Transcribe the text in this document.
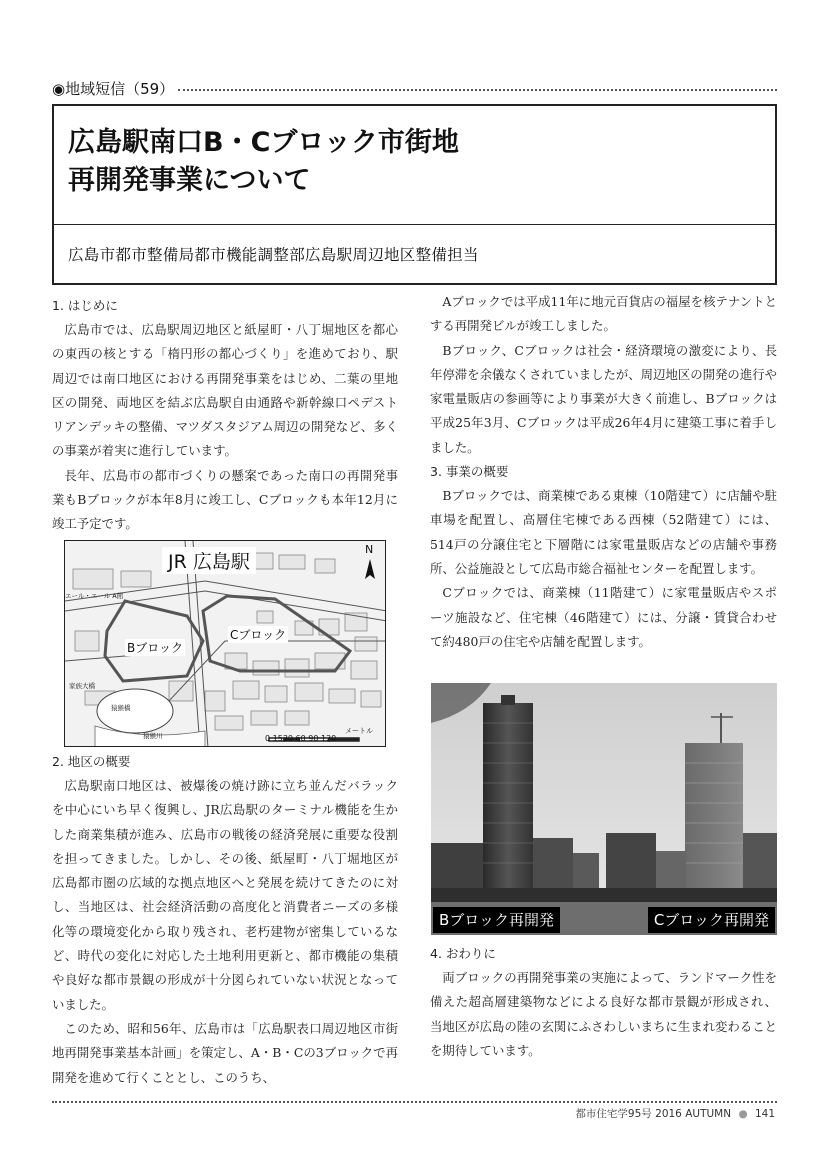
◉地域短信（59）
広島駅南口B・Cブロック市街地
再開発事業について
広島市都市整備局都市機能調整部広島駅周辺地区整備担当
1. はじめに

広島市では、広島駅周辺地区と紙屋町・八丁堀地区を都心の東西の核とする「楕円形の都心づくり」を進めており、駅周辺では南口地区における再開発事業をはじめ、二葉の里地区の開発、両地区を結ぶ広島駅自由通路や新幹線口ペデストリアンデッキの整備、マツダスタジアム周辺の開発など、多くの事業が着実に進行しています。

長年、広島市の都市づくりの懸案であった南口の再開発事業もBブロックが本年8月に竣工し、Cブロックも本年12月に竣工予定です。

JR 広島駅
Bブロック
Cブロック
N
エール・エール A館
家族大橋
猿猴橋
猿猴川	0 1530 60 90 120
メートル
2. 地区の概要

広島駅南口地区は、被爆後の焼け跡に立ち並んだバラックを中心にいち早く復興し、JR広島駅のターミナル機能を生かした商業集積が進み、広島市の戦後の経済発展に重要な役割を担ってきました。しかし、その後、紙屋町・八丁堀地区が広島都市圏の広域的な拠点地区へと発展を続けてきたのに対し、当地区は、社会経済活動の高度化と消費者ニーズの多様化等の環境変化から取り残され、老朽建物が密集しているなど、時代の変化に対応した土地利用更新と、都市機能の集積や良好な都市景観の形成が十分図られていない状況となっていました。

このため、昭和56年、広島市は「広島駅表口周辺地区市街地再開発事業基本計画」を策定し、A・B・Cの3ブロックで再開発を進めて行くこととし、このうち、

Aブロックでは平成11年に地元百貨店の福屋を核テナントとする再開発ビルが竣工しました。

Bブロック、Cブロックは社会・経済環境の激変により、長年停滞を余儀なくされていましたが、周辺地区の開発の進行や家電量販店の参画等により事業が大きく前進し、Bブロックは平成25年3月、Cブロックは平成26年4月に建築工事に着手しました。

3. 事業の概要

Bブロックでは、商業棟である東棟（10階建て）に店舗や駐車場を配置し、高層住宅棟である西棟（52階建て）には、514戸の分譲住宅と下層階には家電量販店などの店舗や事務所、公益施設として広島市総合福祉センターを配置します。

Cブロックでは、商業棟（11階建て）に家電量販店やスポーツ施設など、住宅棟（46階建て）には、分譲・賃貸合わせて約480戸の住宅や店舗を配置します。

Bブロック再開発	Cブロック再開発
4. おわりに

両ブロックの再開発事業の実施によって、ランドマーク性を備えた超高層建築物などによる良好な都市景観が形成され、当地区が広島の陸の玄関にふさわしいまちに生まれ変わることを期待しています。

都市住宅学95号 2016 AUTUMN ● 141
